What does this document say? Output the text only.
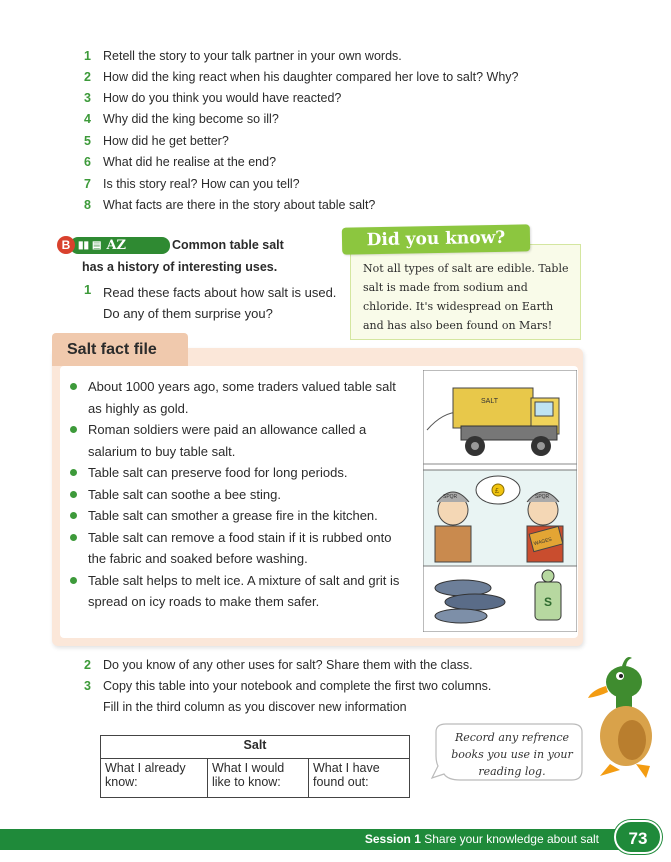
1 Retell the story to your talk partner in your own words.
2 How did the king react when his daughter compared her love to salt? Why?
3 How do you think you would have reacted?
4 Why did the king become so ill?
5 How did he get better?
6 What did he realise at the end?
7 Is this story real? How can you tell?
8 What facts are there in the story about table salt?
▮▮ ▤ AZ
B	Common table salt
has a history of interesting uses.
1 Read these facts about how salt is used. Do any of them surprise you?
Did you know?
Not all types of salt are edible. Table salt is made from sodium and chloride. It's widespread on Earth and has also been found on Mars!
Salt fact file
About 1000 years ago, some traders valued table salt as highly as gold.
Roman soldiers were paid an allowance called a salarium to buy table salt.
Table salt can preserve food for long periods.
Table salt can soothe a bee sting.
Table salt can smother a grease fire in the kitchen.
Table salt can remove a food stain if it is rubbed onto the fabric and soaked before washing.
Table salt helps to melt ice. A mixture of salt and grit is spread on icy roads to make them safer.
SALT
£
WAGES
SPQR	SPQR
S
2 Do you know of any other uses for salt? Share them with the class.
3 Copy this table into your notebook and complete the first two columns.
Fill in the third column as you discover new information
Salt
What I already know:	What I would like to know:	What I have found out:
Record any refrence books you use in your reading log.
Session 1 Share your knowledge about salt	73
